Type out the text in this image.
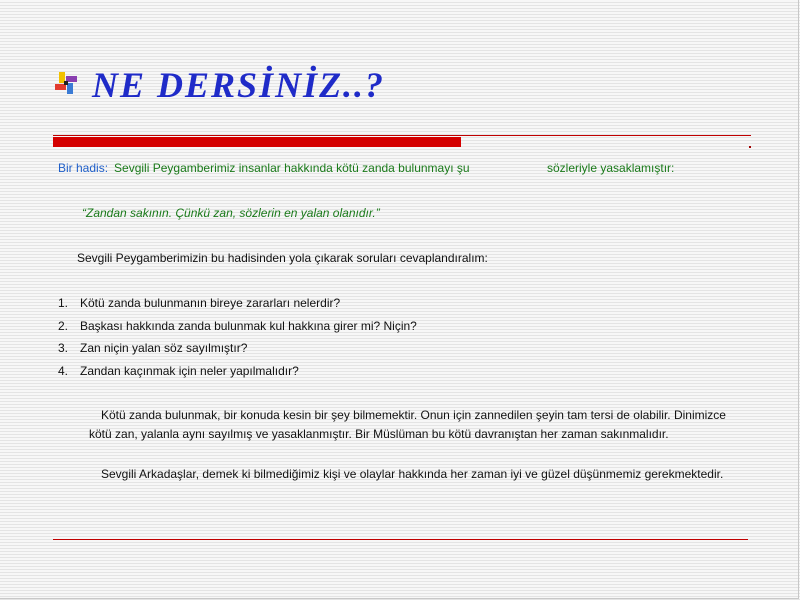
NE DERSİNİZ..?
Bir hadis: Sevgili Peygamberimiz insanlar hakkında kötü zanda bulunmayı şu	sözleriyle yasaklamıştır:
“Zandan sakının. Çünkü zan, sözlerin en yalan olanıdır.”
Sevgili Peygamberimizin bu hadisinden yola çıkarak soruları cevaplandıralım:
1. Kötü zanda bulunmanın bireye zararları nelerdir?
2. Başkası hakkında zanda bulunmak kul hakkına girer mi? Niçin?
3. Zan niçin yalan söz sayılmıştır?
4. Zandan kaçınmak için neler yapılmalıdır?

Kötü zanda bulunmak, bir konuda kesin bir şey bilmemektir. Onun için zannedilen şeyin tam tersi de olabilir. Dinimizce kötü zan, yalanla aynı sayılmış ve yasaklanmıştır. Bir Müslüman bu kötü davranıştan her zaman sakınmalıdır.

Sevgili Arkadaşlar, demek ki bilmediğimiz kişi ve olaylar hakkında her zaman iyi ve güzel düşünmemiz gerekmektedir.
